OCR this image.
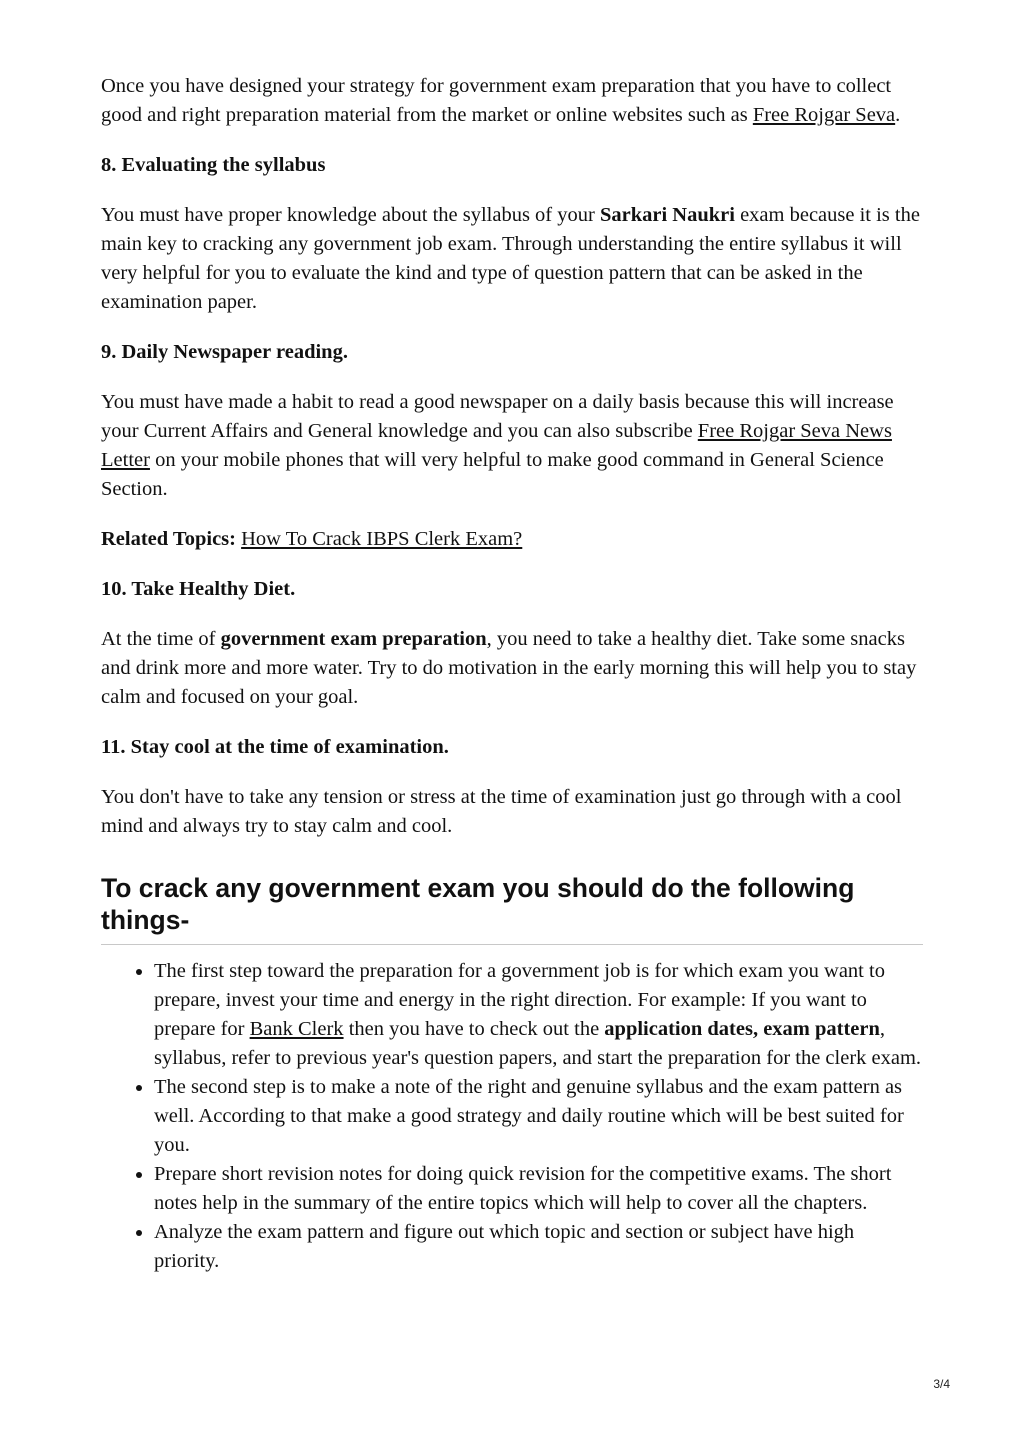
Once you have designed your strategy for government exam preparation that you have to collect good and right preparation material from the market or online websites such as Free Rojgar Seva.

8. Evaluating the syllabus

You must have proper knowledge about the syllabus of your Sarkari Naukri exam because it is the main key to cracking any government job exam. Through understanding the entire syllabus it will very helpful for you to evaluate the kind and type of question pattern that can be asked in the examination paper.

9. Daily Newspaper reading.

You must have made a habit to read a good newspaper on a daily basis because this will increase your Current Affairs and General knowledge and you can also subscribe Free Rojgar Seva News Letter on your mobile phones that will very helpful to make good command in General Science Section.

Related Topics: How To Crack IBPS Clerk Exam?

10. Take Healthy Diet.

At the time of government exam preparation, you need to take a healthy diet. Take some snacks and drink more and more water. Try to do motivation in the early morning this will help you to stay calm and focused on your goal.

11. Stay cool at the time of examination.

You don't have to take any tension or stress at the time of examination just go through with a cool mind and always try to stay calm and cool.

To crack any government exam you should do the following things-
• The first step toward the preparation for a government job is for which exam you want to prepare, invest your time and energy in the right direction. For example: If you want to prepare for Bank Clerk then you have to check out the application dates, exam pattern, syllabus, refer to previous year's question papers, and start the preparation for the clerk exam.
• The second step is to make a note of the right and genuine syllabus and the exam pattern as well. According to that make a good strategy and daily routine which will be best suited for you.
• Prepare short revision notes for doing quick revision for the competitive exams. The short notes help in the summary of the entire topics which will help to cover all the chapters.
• Analyze the exam pattern and figure out which topic and section or subject have high priority.
3/4
